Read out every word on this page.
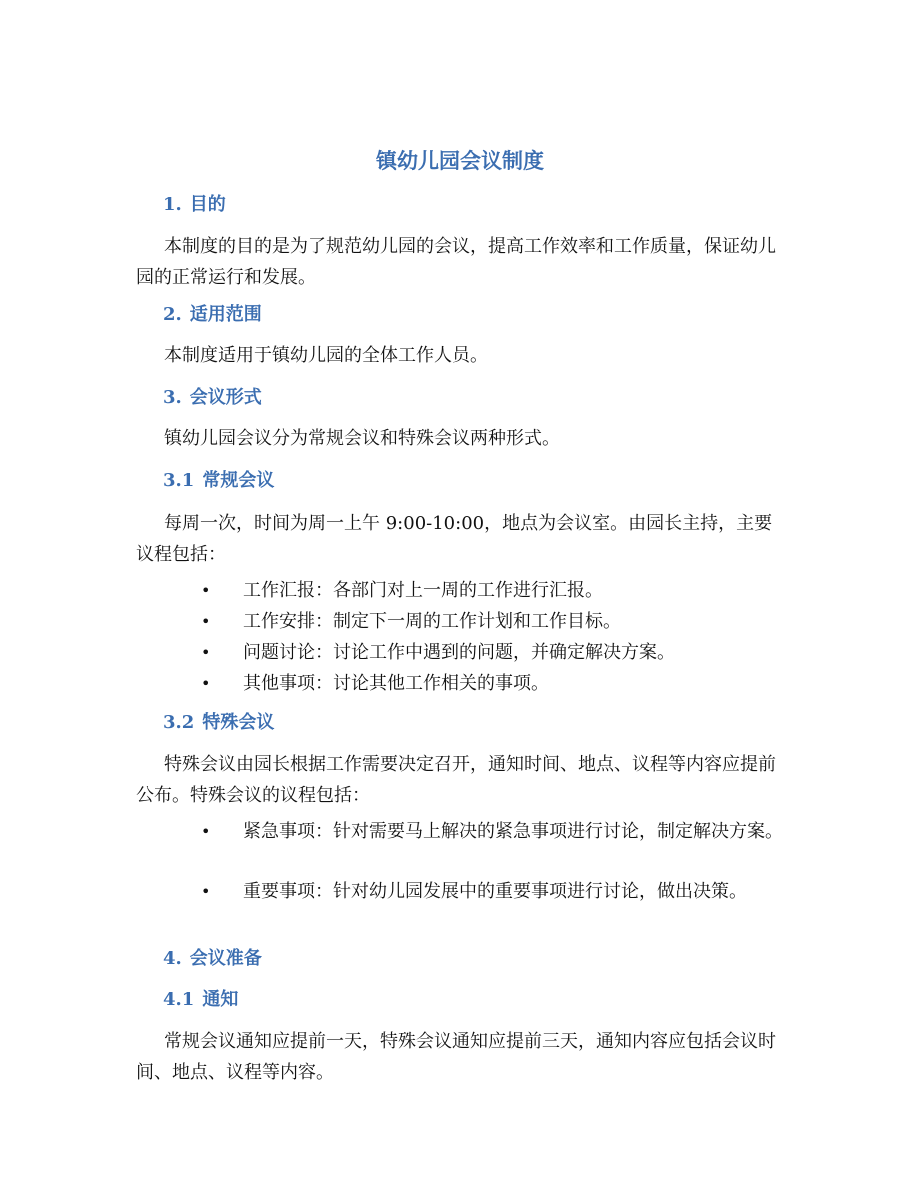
镇幼儿园会议制度
1. 目的
本制度的目的是为了规范幼儿园的会议，提高工作效率和工作质量，保证幼儿园的正常运行和发展。
2. 适用范围
本制度适用于镇幼儿园的全体工作人员。
3. 会议形式
镇幼儿园会议分为常规会议和特殊会议两种形式。
3.1 常规会议
每周一次，时间为周一上午 9:00-10:00，地点为会议室。由园长主持，主要议程包括：
•	工作汇报：各部门对上一周的工作进行汇报。
•	工作安排：制定下一周的工作计划和工作目标。
•	问题讨论：讨论工作中遇到的问题，并确定解决方案。
•	其他事项：讨论其他工作相关的事项。
3.2 特殊会议
特殊会议由园长根据工作需要决定召开，通知时间、地点、议程等内容应提前公布。特殊会议的议程包括：
•	紧急事项：针对需要马上解决的紧急事项进行讨论，制定解决方案。
•	重要事项：针对幼儿园发展中的重要事项进行讨论，做出决策。
4. 会议准备
4.1 通知
常规会议通知应提前一天，特殊会议通知应提前三天，通知内容应包括会议时间、地点、议程等内容。
